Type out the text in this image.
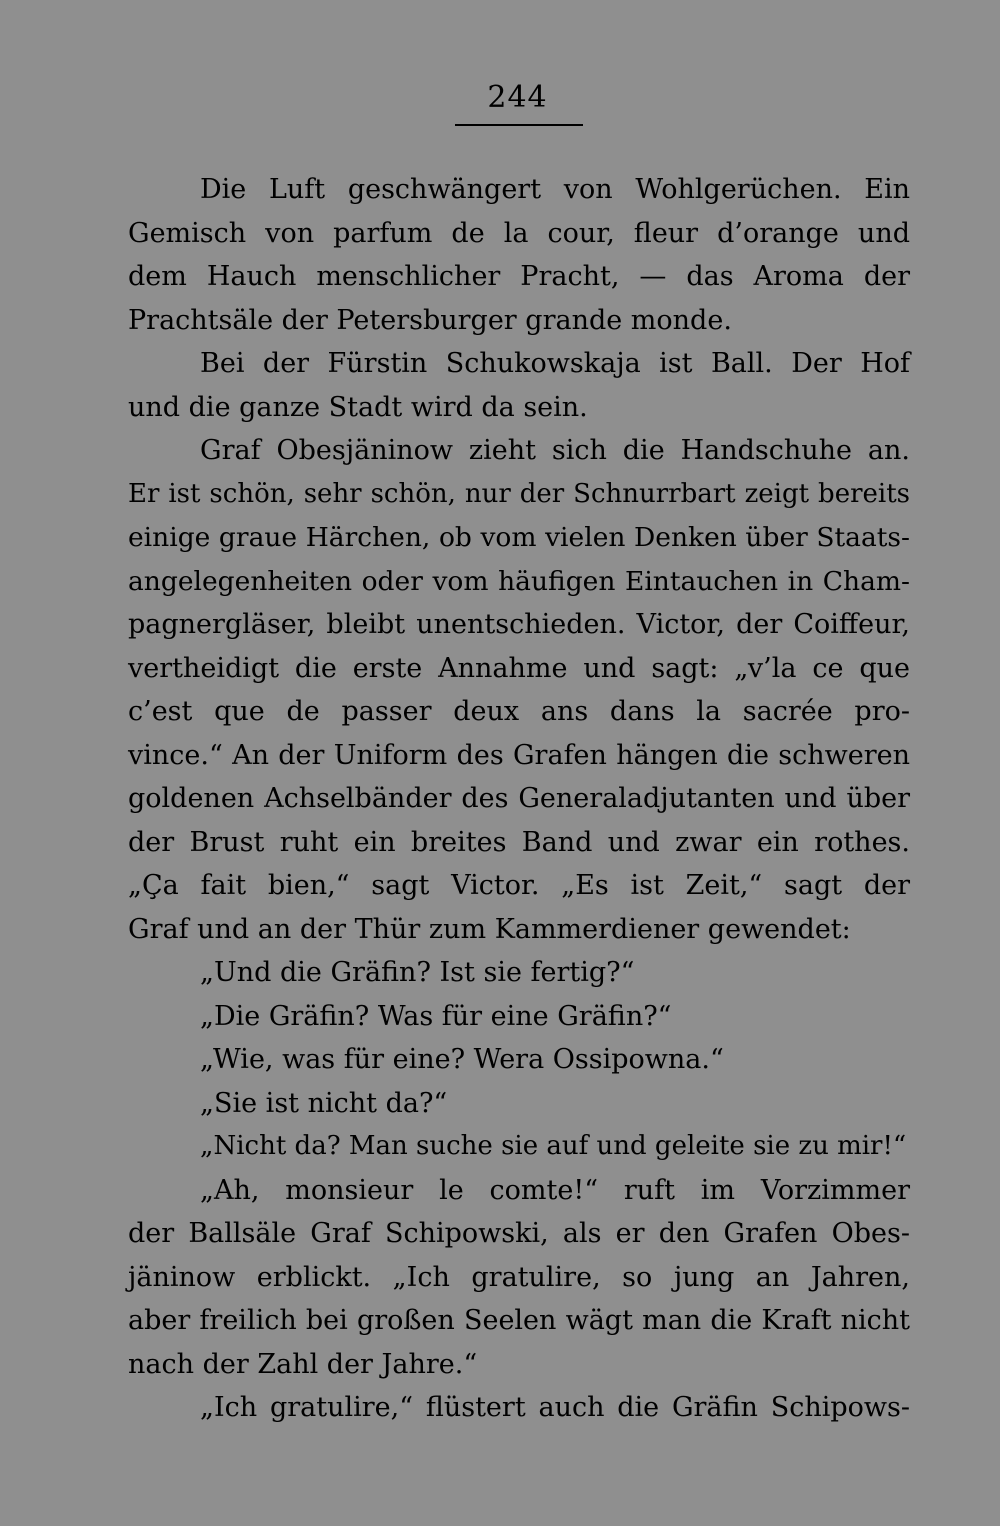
244
Die Luft geschwängert von Wohlgerüchen. Ein
Gemisch von parfum de la cour, fleur d’orange und
dem Hauch menschlicher Pracht, — das Aroma der
Prachtsäle der Petersburger grande monde.
Bei der Fürstin Schukowskaja ist Ball. Der Hof
und die ganze Stadt wird da sein.
Graf Obesjäninow zieht sich die Handschuhe an.
Er ist schön, sehr schön, nur der Schnurrbart zeigt bereits
einige graue Härchen, ob vom vielen Denken über Staats-
angelegenheiten oder vom häufigen Eintauchen in Cham-
pagnergläser, bleibt unentschieden. Victor, der Coiffeur,
vertheidigt die erste Annahme und sagt: „v’la ce que
c’est que de passer deux ans dans la sacrée pro-
vince.“ An der Uniform des Grafen hängen die schweren
goldenen Achselbänder des Generaladjutanten und über
der Brust ruht ein breites Band und zwar ein rothes.
„Ça fait bien,“ sagt Victor. „Es ist Zeit,“ sagt der
Graf und an der Thür zum Kammerdiener gewendet:
„Und die Gräfin? Ist sie fertig?“
„Die Gräfin? Was für eine Gräfin?“
„Wie, was für eine? Wera Ossipowna.“
„Sie ist nicht da?“
„Nicht da? Man suche sie auf und geleite sie zu mir!“
„Ah, monsieur le comte!“ ruft im Vorzimmer
der Ballsäle Graf Schipowski, als er den Grafen Obes-
jäninow erblickt. „Ich gratulire, so jung an Jahren,
aber freilich bei großen Seelen wägt man die Kraft nicht
nach der Zahl der Jahre.“
„Ich gratulire,“ flüstert auch die Gräfin Schipows-
